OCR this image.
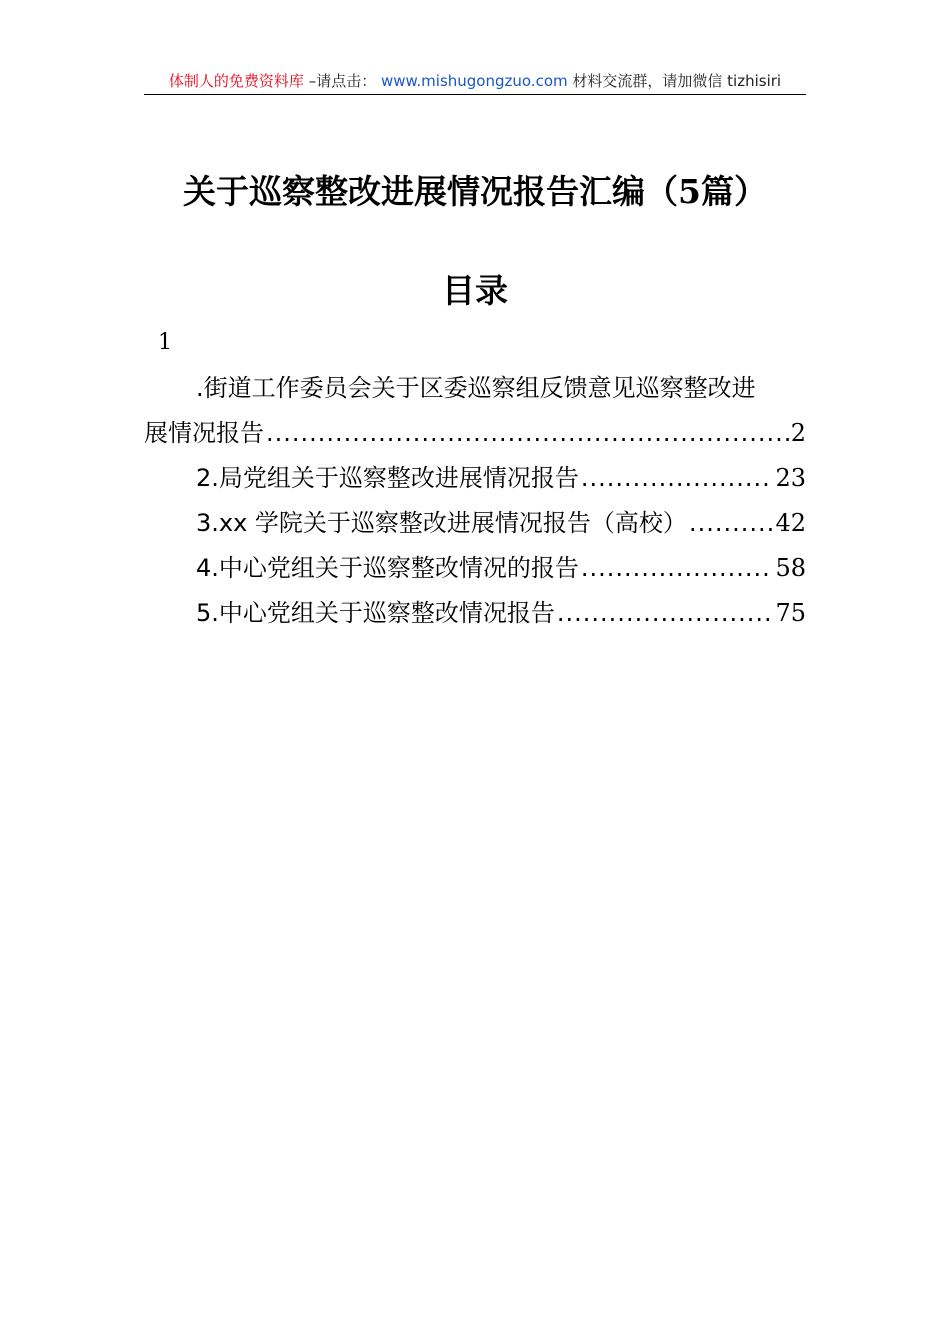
体制人的免费资料库 –请点击： www.mishugongzuo.com 材料交流群，请加微信 tizhisiri
关于巡察整改进展情况报告汇编（5篇）
目录
1
.街道工作委员会关于区委巡察组反馈意见巡察整改进
展情况报告 .....	2
2.局党组关于巡察整改进展情况报告 .....	23
3.xx 学院关于巡察整改进展情况报告（高校） .....	42
4.中心党组关于巡察整改情况的报告 .....	58
5.中心党组关于巡察整改情况报告 .....	75
